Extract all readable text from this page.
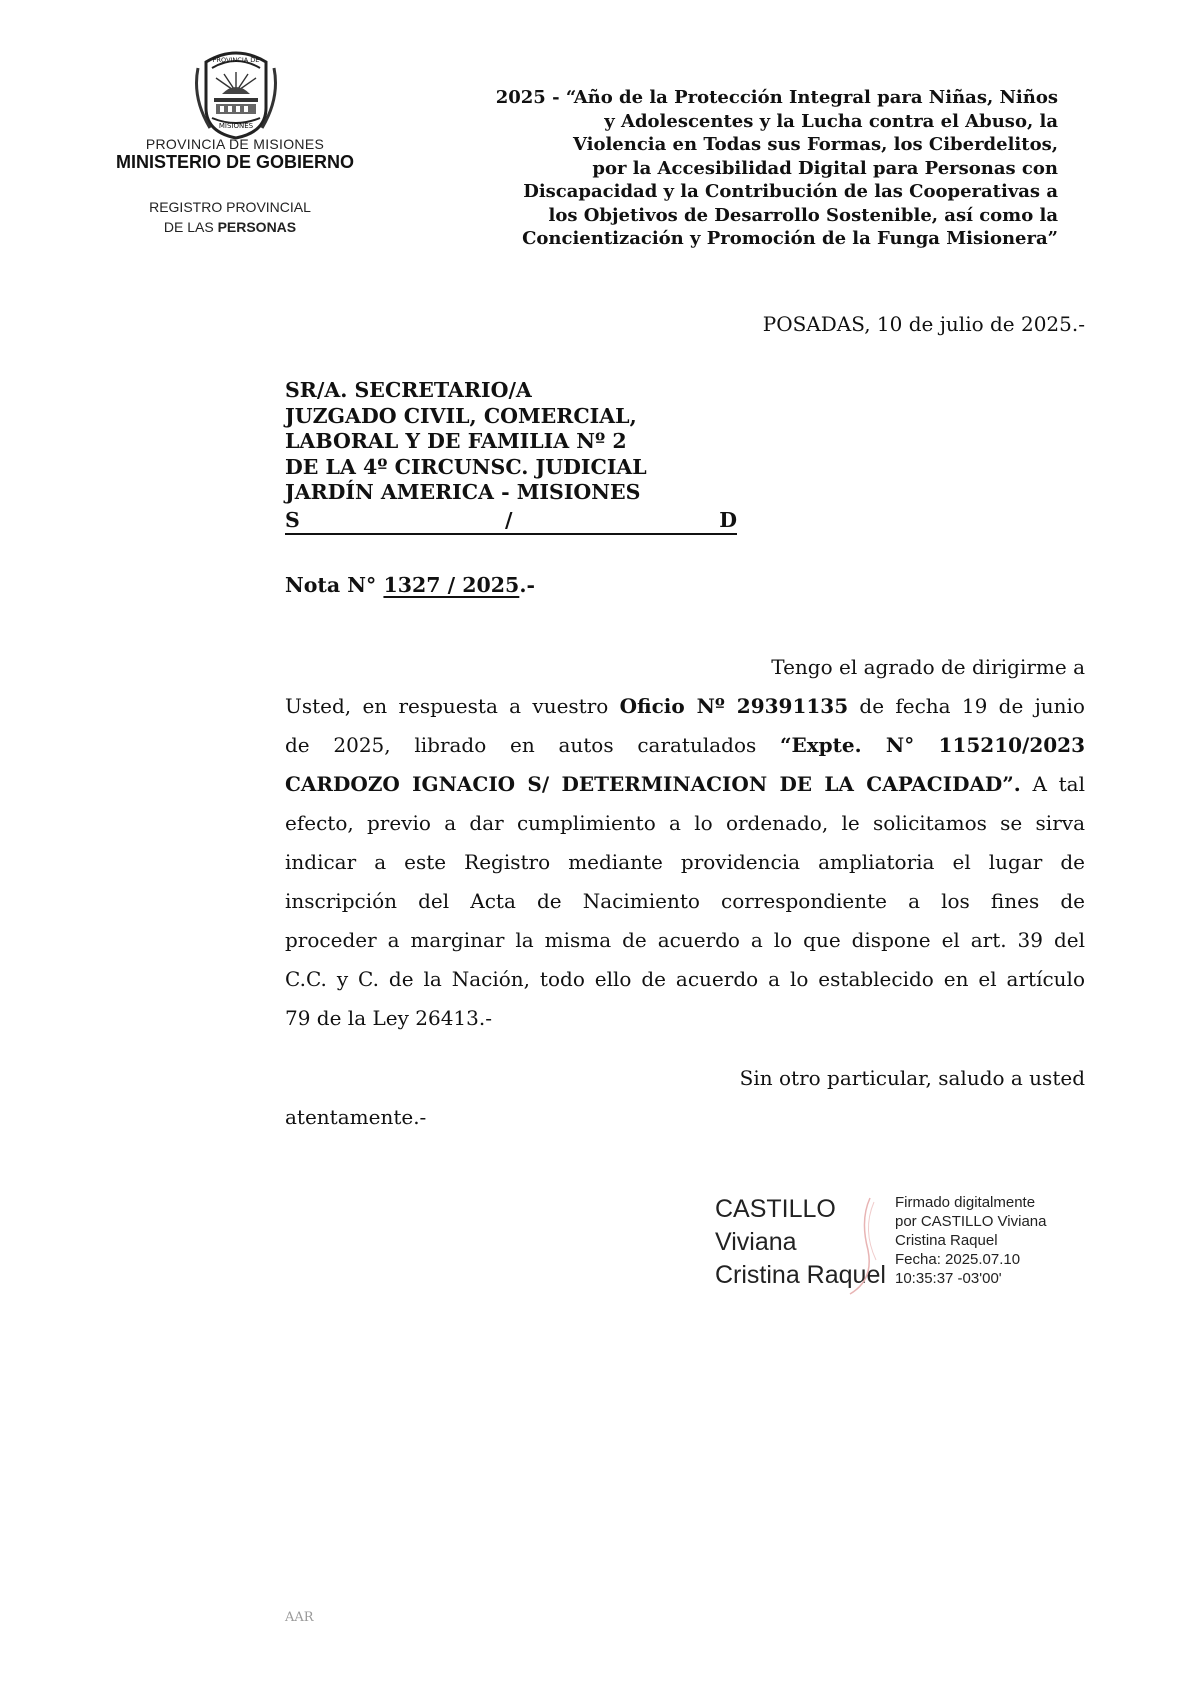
PROVINCIA DE
MISIONES
PROVINCIA DE MISIONES
MINISTERIO DE GOBIERNO
REGISTRO PROVINCIAL
DE LAS PERSONAS
2025 - “Año de la Protección Integral para Niñas, Niños
y Adolescentes y la Lucha contra el Abuso, la
Violencia en Todas sus Formas, los Ciberdelitos,
por la Accesibilidad Digital para Personas con
Discapacidad y la Contribución de las Cooperativas a
los Objetivos de Desarrollo Sostenible, así como la
Concientización y Promoción de la Funga Misionera”
POSADAS, 10 de julio de 2025.-
SR/A. SECRETARIO/A
JUZGADO CIVIL, COMERCIAL,
LABORAL Y DE FAMILIA Nº 2
DE LA 4º CIRCUNSC. JUDICIAL
JARDÍN AMERICA - MISIONES
S	/	D
Nota N° 1327 / 2025.-
Tengo el agrado de dirigirme a
Usted, en respuesta a vuestro Oficio Nº 29391135 de fecha 19 de junio
de 2025, librado en autos caratulados “Expte. N° 115210/2023
CARDOZO IGNACIO S/ DETERMINACION DE LA CAPACIDAD”. A tal
efecto, previo a dar cumplimiento a lo ordenado, le solicitamos se sirva
indicar a este Registro mediante providencia ampliatoria el lugar de
inscripción del Acta de Nacimiento correspondiente a los fines de
proceder a marginar la misma de acuerdo a lo que dispone el art. 39 del
C.C. y C. de la Nación, todo ello de acuerdo a lo establecido en el artículo
79 de la Ley 26413.-
Sin otro particular, saludo a usted
atentamente.-
CASTILLO
Viviana
Cristina Raquel
Firmado digitalmente
por CASTILLO Viviana
Cristina Raquel
Fecha: 2025.07.10
10:35:37 -03'00'
AAR
